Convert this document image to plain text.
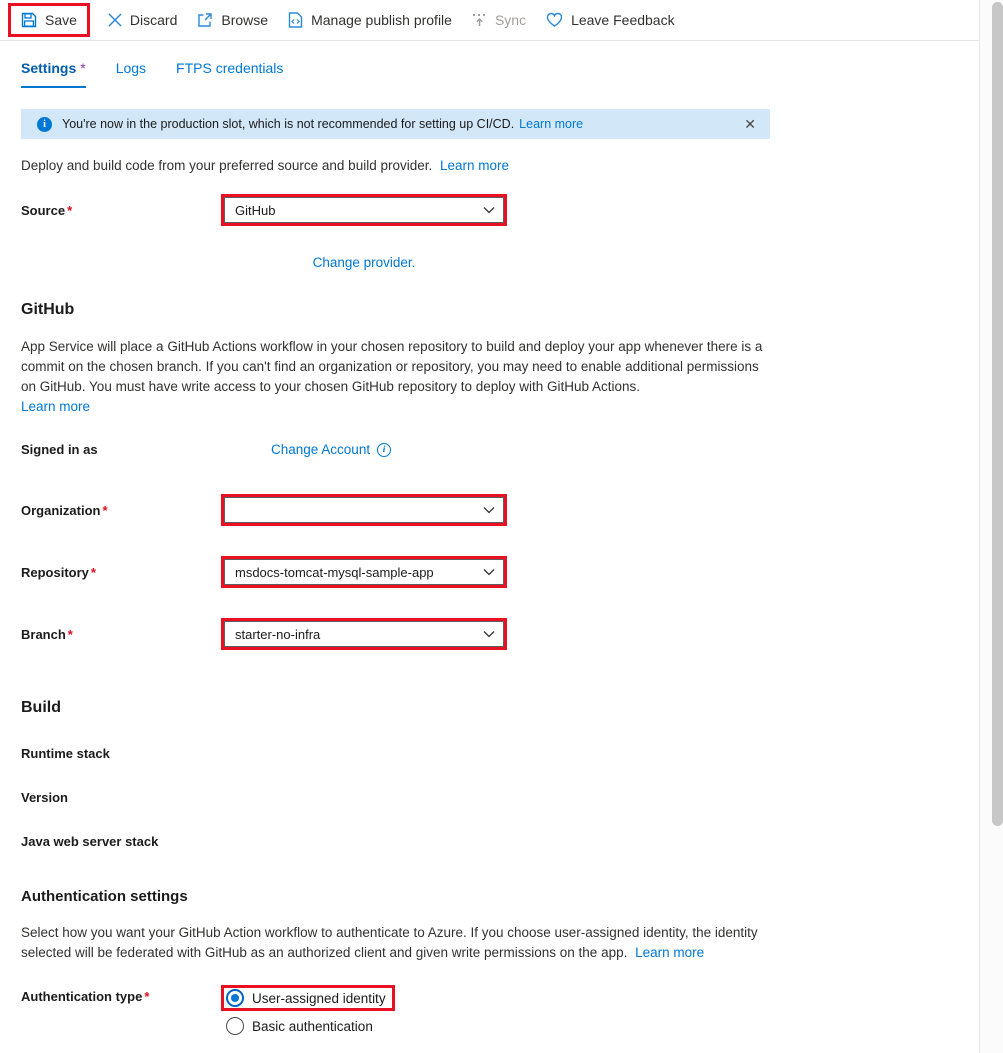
Save	Discard	Browse	Manage publish profile	Sync	Leave Feedback
Settings * Logs FTPS credentials
i	You're now in the production slot, which is not recommended for setting up CI/CD. Learn more	✕
Deploy and build code from your preferred source and build provider. Learn more
Source *	GitHub
Change provider.
GitHub
App Service will place a GitHub Actions workflow in your chosen repository to build and deploy your app whenever there is a commit on the chosen branch. If you can't find an organization or repository, you may need to enable additional permissions on GitHub. You must have write access to your chosen GitHub repository to deploy with GitHub Actions.
Learn more
Signed in as	Change Account	i
Organization *
Repository *	msdocs-tomcat-mysql-sample-app
Branch *	starter-no-infra
Build
Runtime stack
Version
Java web server stack
Authentication settings
Select how you want your GitHub Action workflow to authenticate to Azure. If you choose user-assigned identity, the identity selected will be federated with GitHub as an authorized client and given write permissions on the app. Learn more
Authentication type *	User-assigned identity
Basic authentication
